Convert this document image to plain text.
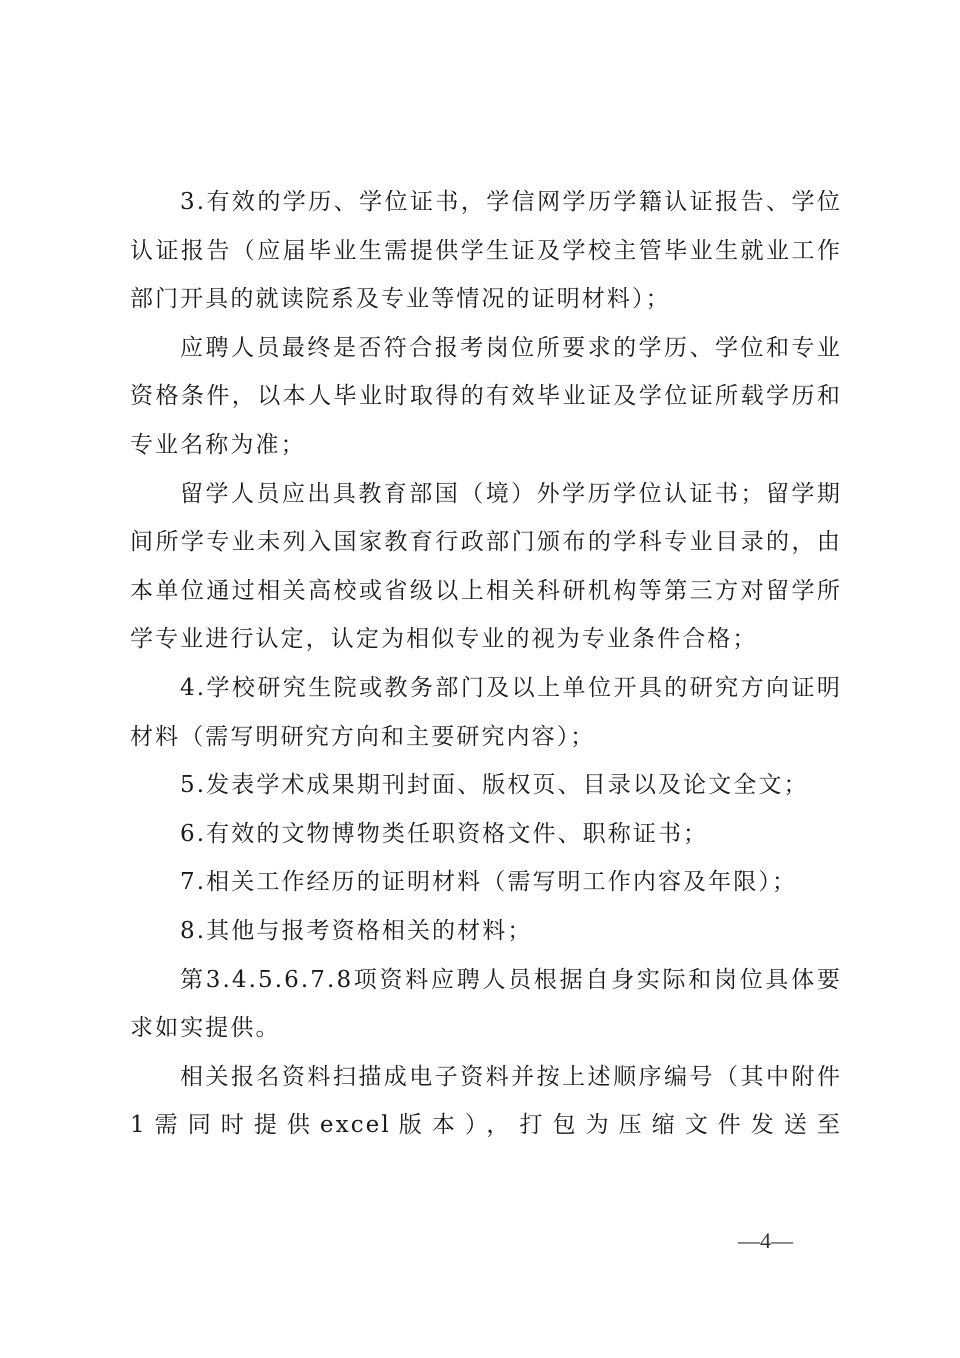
3.有效的学历、学位证书，学信网学历学籍认证报告、学位认证报告（应届毕业生需提供学生证及学校主管毕业生就业工作部门开具的就读院系及专业等情况的证明材料）；

应聘人员最终是否符合报考岗位所要求的学历、学位和专业资格条件，以本人毕业时取得的有效毕业证及学位证所载学历和专业名称为准；

留学人员应出具教育部国（境）外学历学位认证书；留学期间所学专业未列入国家教育行政部门颁布的学科专业目录的，由本单位通过相关高校或省级以上相关科研机构等第三方对留学所学专业进行认定，认定为相似专业的视为专业条件合格；

4.学校研究生院或教务部门及以上单位开具的研究方向证明材料（需写明研究方向和主要研究内容）；

5.发表学术成果期刊封面、版权页、目录以及论文全文；

6.有效的文物博物类任职资格文件、职称证书；

7.相关工作经历的证明材料（需写明工作内容及年限）；

8.其他与报考资格相关的材料；

第3.4.5.6.7.8项资料应聘人员根据自身实际和岗位具体要求如实提供。

相关报名资料扫描成电子资料并按上述顺序编号（其中附件1需同时提供excel版本），打包为压缩文件发送至

—4—
